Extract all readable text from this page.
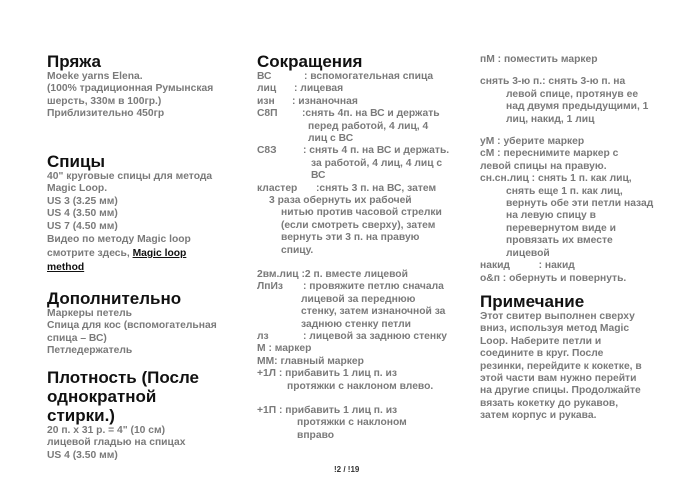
Пряжа
Moeke yarns Elena.
(100% традиционная Румынская
шерсть, 330м в 100гр.)
Приблизительно 450гр
Спицы
40" круговые спицы для метода
Magic Loop.
US 3 (3.25 мм)
US 4 (3.50 мм)
US 7 (4.50 мм)
Видео по методу Magic loop
смотрите здесь, Magic loop
method
Дополнительно
Маркеры петель
Спица для кос (вспомогательная
спица – ВС)
Петледержатель
Плотность (После
однократной
стирки.)
20 п. х 31 р. = 4" (10 см)
лицевой гладью на спицах
US 4 (3.50 мм)
Сокращения
ВС	: вспомогательная спица
лиц : лицевая
изн : изнаночная
С8П :снять 4п. на ВС и держать
перед работой, 4 лиц, 4
лиц с ВС
С8З	: снять 4 п. на ВС и держать.
за работой, 4 лиц, 4 лиц с
ВС
кластер :снять 3 п. на ВС, затем
3 раза обернуть их рабочей
нитью против часовой стрелки
(если смотреть сверху), затем
вернуть эти 3 п. на правую
спицу.
2вм.лиц :2 п. вместе лицевой
ЛпИз : провяжите петлю сначала
лицевой за переднюю
стенку, затем изнаночной за
заднюю стенку петли
лз	: лицевой за заднюю стенку
М : маркер
ММ: главный маркер
+1Л : прибавить 1 лиц п. из
протяжки с наклоном влево.
+1П : прибавить 1 лиц п. из
протяжки с наклоном
вправо
!2 / !19
пМ : поместить маркер
снять 3-ю п.: снять 3-ю п. на
левой спице, протянув ее
над двумя предыдущими, 1
лиц, накид, 1 лиц
уМ : уберите маркер
сМ : переснимите маркер с
левой спицы на правую.
сн.сн.лиц : снять 1 п. как лиц,
снять еще 1 п. как лиц,
вернуть обе эти петли назад
на левую спицу в
перевернутом виде и
провязать их вместе
лицевой
накид          : накид
о&п : обернуть и повернуть.
Примечание
Этот свитер выполнен сверху
вниз, используя метод Magic
Loop. Наберите петли и
соедините в круг. После
резинки, перейдите к кокетке, в
этой части вам нужно перейти
на другие спицы. Продолжайте
вязать кокетку до рукавов,
затем корпус и рукава.
